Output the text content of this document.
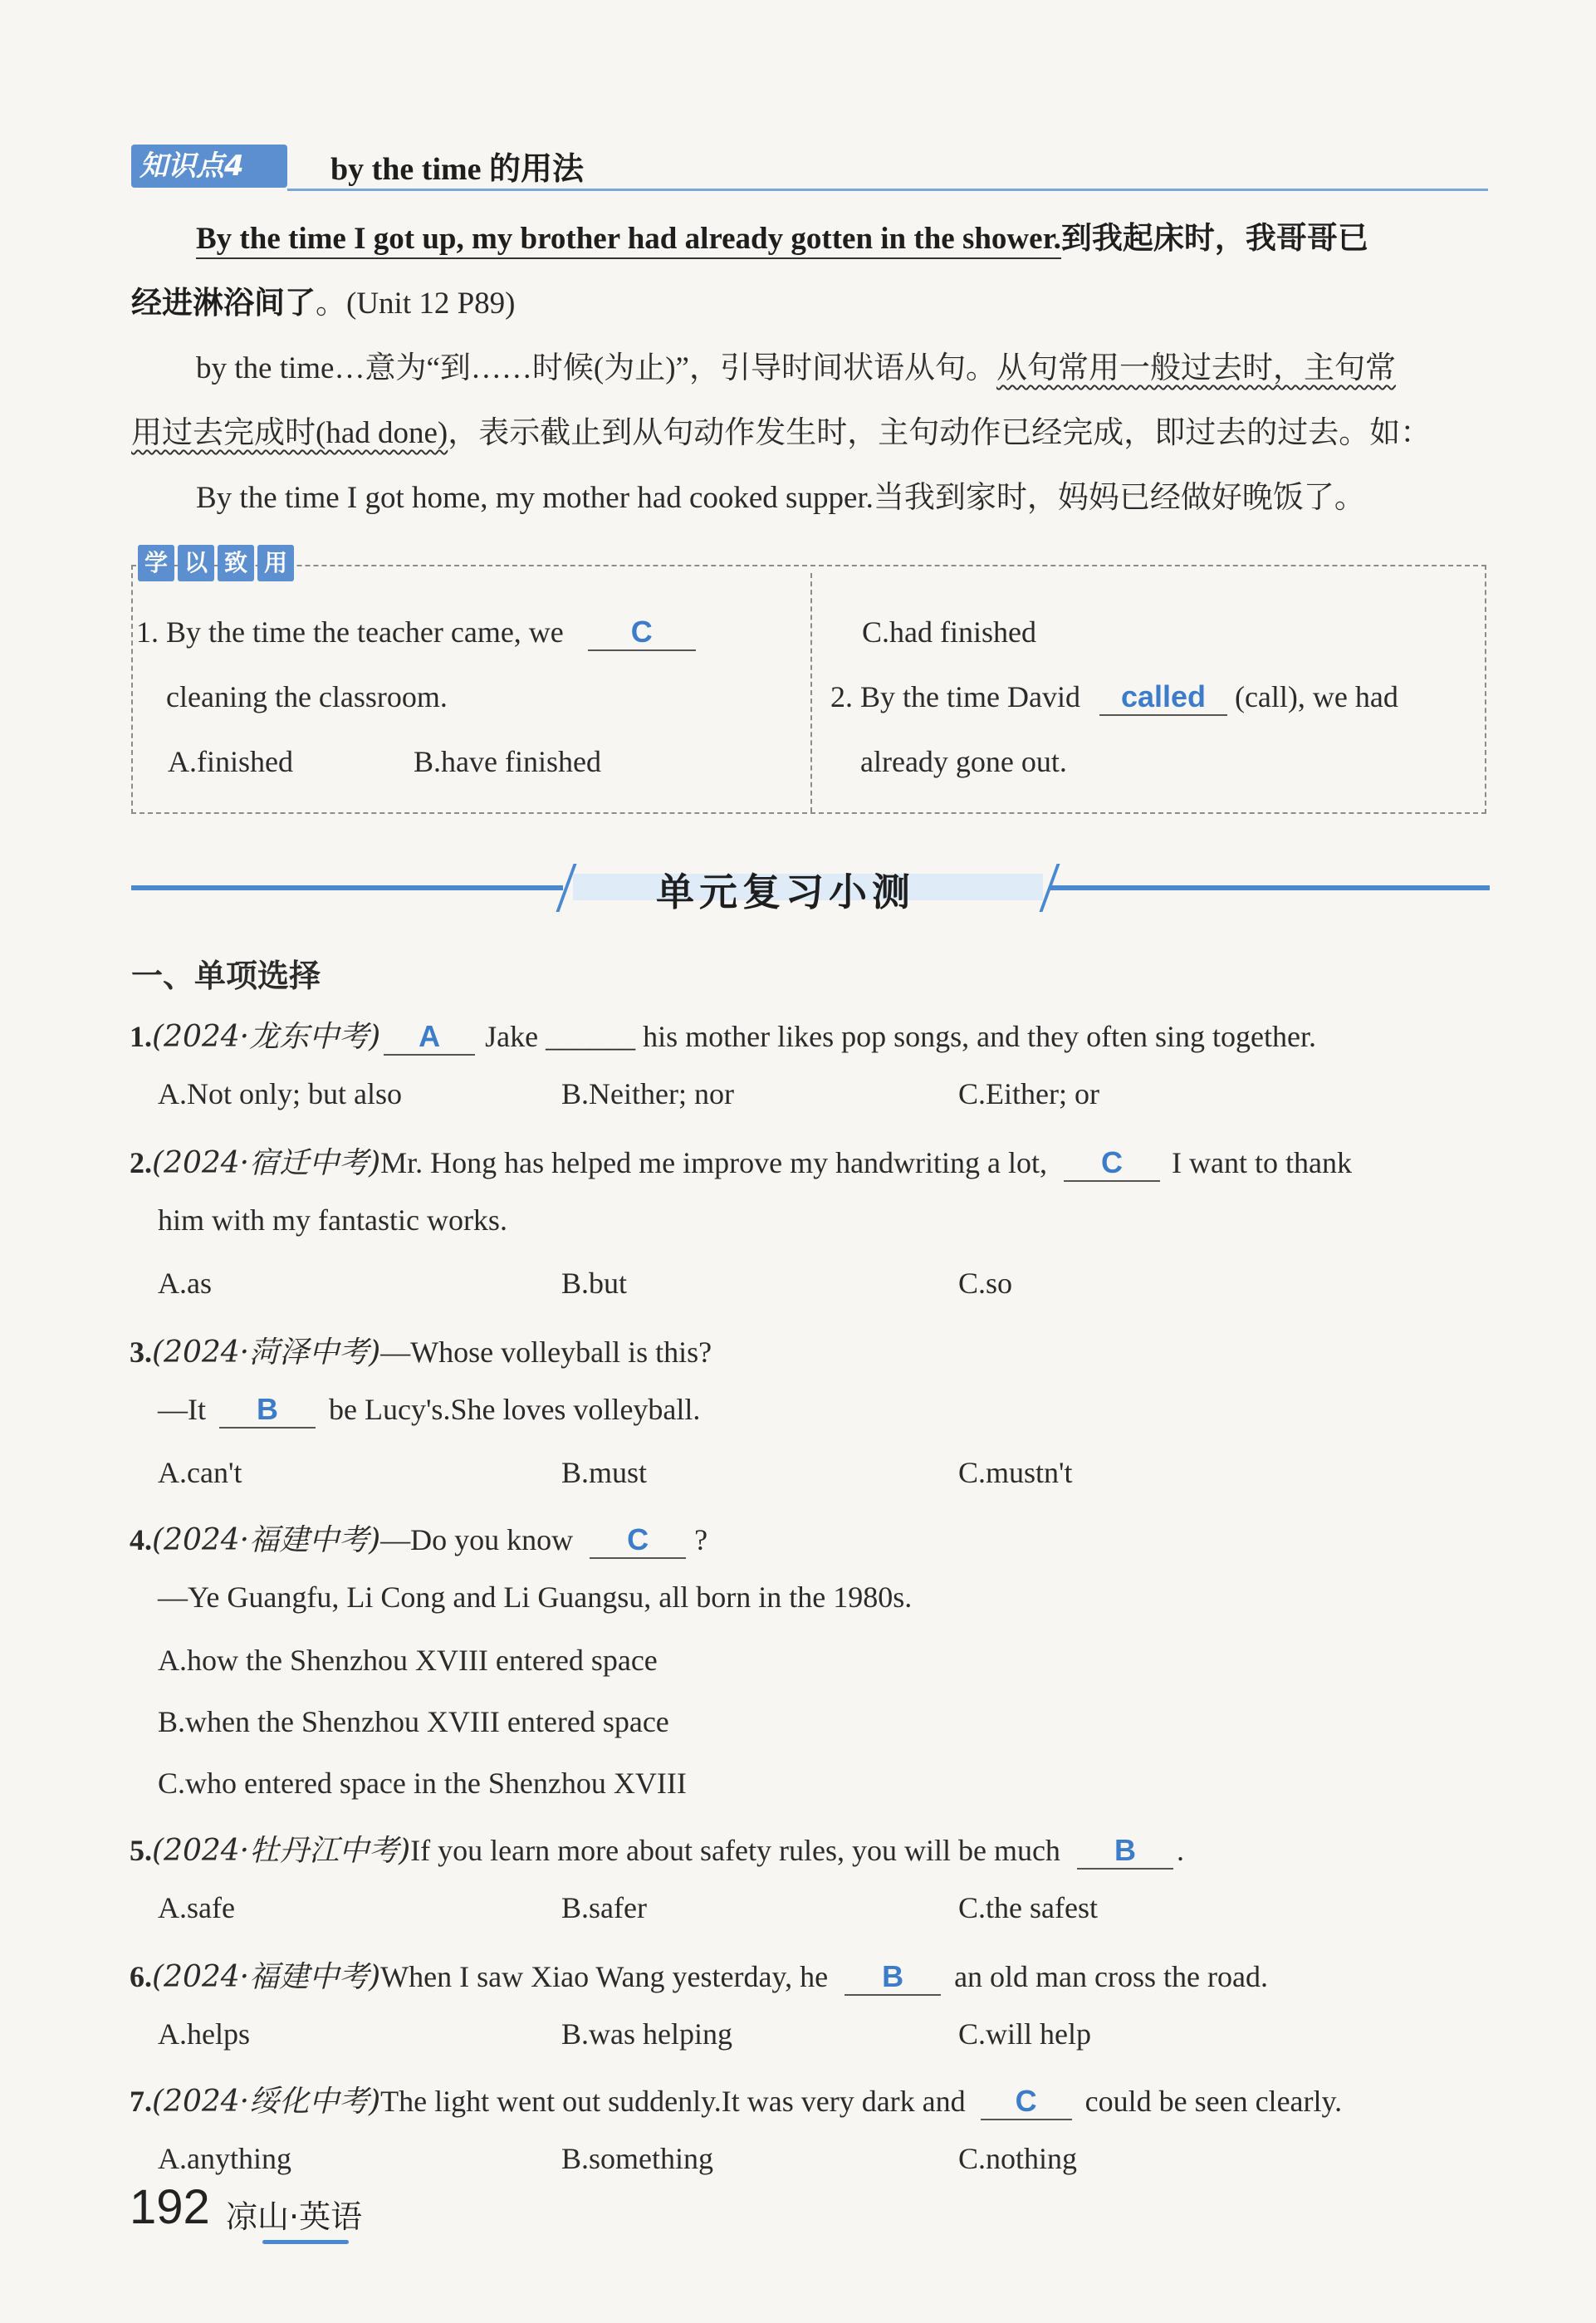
知识点4	by the time 的用法
By the time I got up, my brother had already gotten in the shower.到我起床时，我哥哥已
经进淋浴间了。(Unit 12 P89)
by the time…意为“到……时候(为止)”，引导时间状语从句。从句常用一般过去时，主句常
用过去完成时(had done)，表示截止到从句动作发生时，主句动作已经完成，即过去的过去。如：
By the time I got home, my mother had cooked supper.当我到家时，妈妈已经做好晚饭了。
学 以 致 用
1. By the time the teacher came, we C
cleaning the classroom.
A.finished	B.have finished
C.had finished
2. By the time David called (call), we had
already gone out.
单元复习小测
一、单项选择
1.(2024·龙东中考) A Jake ______ his mother likes pop songs, and they often sing together.
A.Not only; but also	B.Neither; nor	C.Either; or
2.(2024·宿迁中考)Mr. Hong has helped me improve my handwriting a lot, C I want to thank
him with my fantastic works.
A.as	B.but	C.so
3.(2024·菏泽中考)—Whose volleyball is this?
—It B be Lucy's.She loves volleyball.
A.can't	B.must	C.mustn't
4.(2024·福建中考)—Do you know C ?
—Ye Guangfu, Li Cong and Li Guangsu, all born in the 1980s.
A.how the Shenzhou XVIII entered space
B.when the Shenzhou XVIII entered space
C.who entered space in the Shenzhou XVIII
5.(2024·牡丹江中考)If you learn more about safety rules, you will be much B .
A.safe	B.safer	C.the safest
6.(2024·福建中考)When I saw Xiao Wang yesterday, he B an old man cross the road.
A.helps	B.was helping	C.will help
7.(2024·绥化中考)The light went out suddenly.It was very dark and C could be seen clearly.
A.anything	B.something	C.nothing
192 凉山·英语
